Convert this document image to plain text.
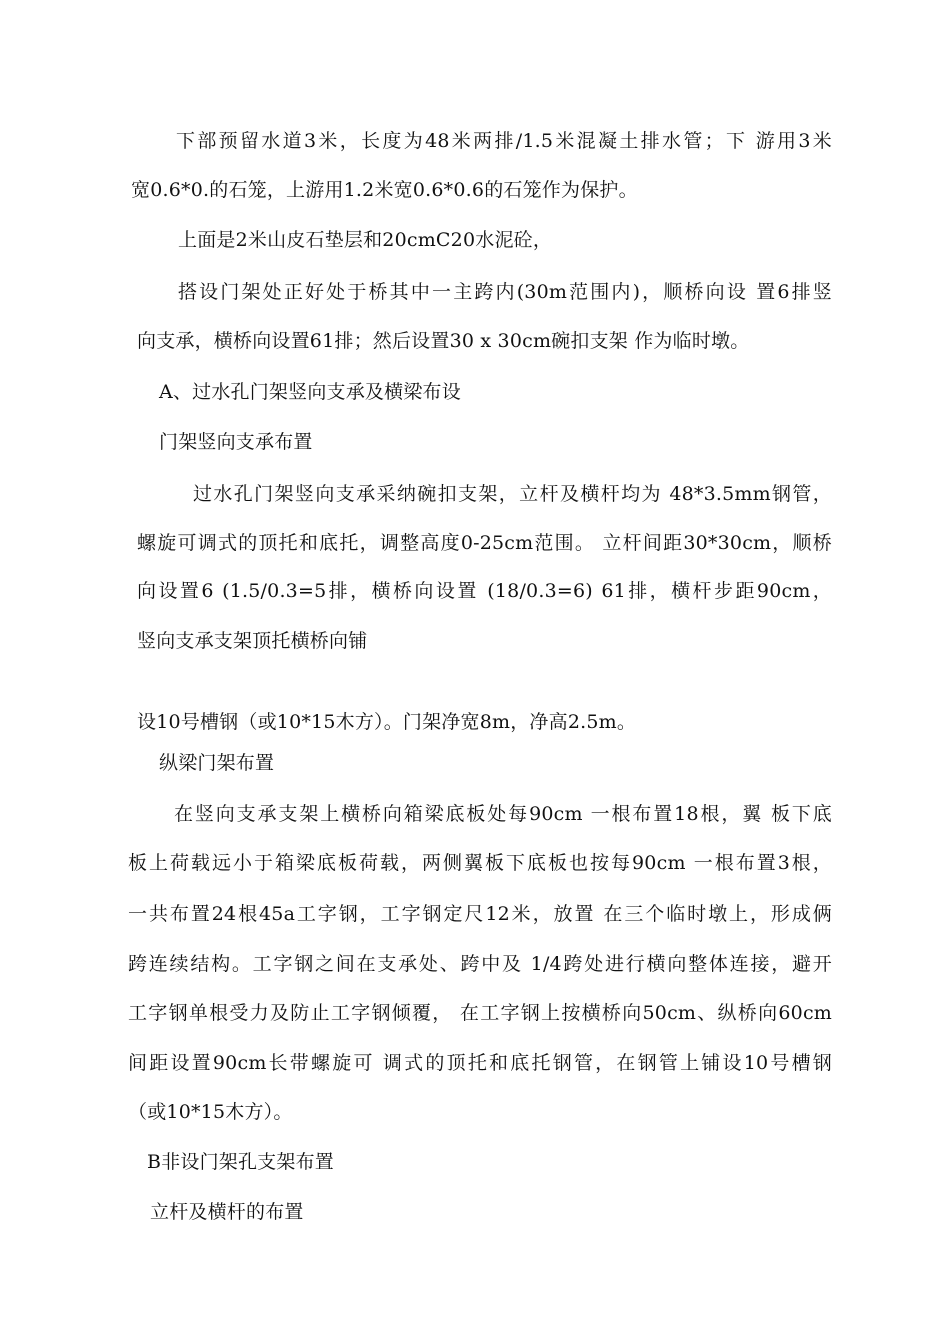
下部预留水道3米，长度为48米两排/1.5米混凝土排水管；下 游用3米
宽0.6*0.的石笼，上游用1.2米宽0.6*0.6的石笼作为保护。
上面是2米山皮石垫层和20cmC20水泥砼，
搭设门架处正好处于桥其中一主跨内(30m范围内)，顺桥向设 置6排竖
向支承，横桥向设置61排；然后设置30 x 30cm碗扣支架 作为临时墩。
A、过水孔门架竖向支承及横梁布设
门架竖向支承布置
过水孔门架竖向支承采纳碗扣支架，立杆及横杆均为 48*3.5mm钢管，
螺旋可调式的顶托和底托，调整高度0-25cm范围。 立杆间距30*30cm，顺桥
向设置6 (1.5/0.3=5排，横桥向设置 (18/0.3=6) 61排，横杆步距90cm，
竖向支承支架顶托横桥向铺
设10号槽钢（或10*15木方）。门架净宽8m，净高2.5m。
纵梁门架布置
在竖向支承支架上横桥向箱梁底板处每90cm 一根布置18根，翼 板下底
板上荷载远小于箱梁底板荷载，两侧翼板下底板也按每90cm 一根布置3根，
一共布置24根45a工字钢，工字钢定尺12米，放置 在三个临时墩上，形成俩
跨连续结构。工字钢之间在支承处、跨中及 1/4跨处进行横向整体连接，避开
工字钢单根受力及防止工字钢倾覆， 在工字钢上按横桥向50cm、纵桥向60cm
间距设置90cm长带螺旋可 调式的顶托和底托钢管，在钢管上铺设10号槽钢
（或10*15木方）。
B非设门架孔支架布置
立杆及横杆的布置
